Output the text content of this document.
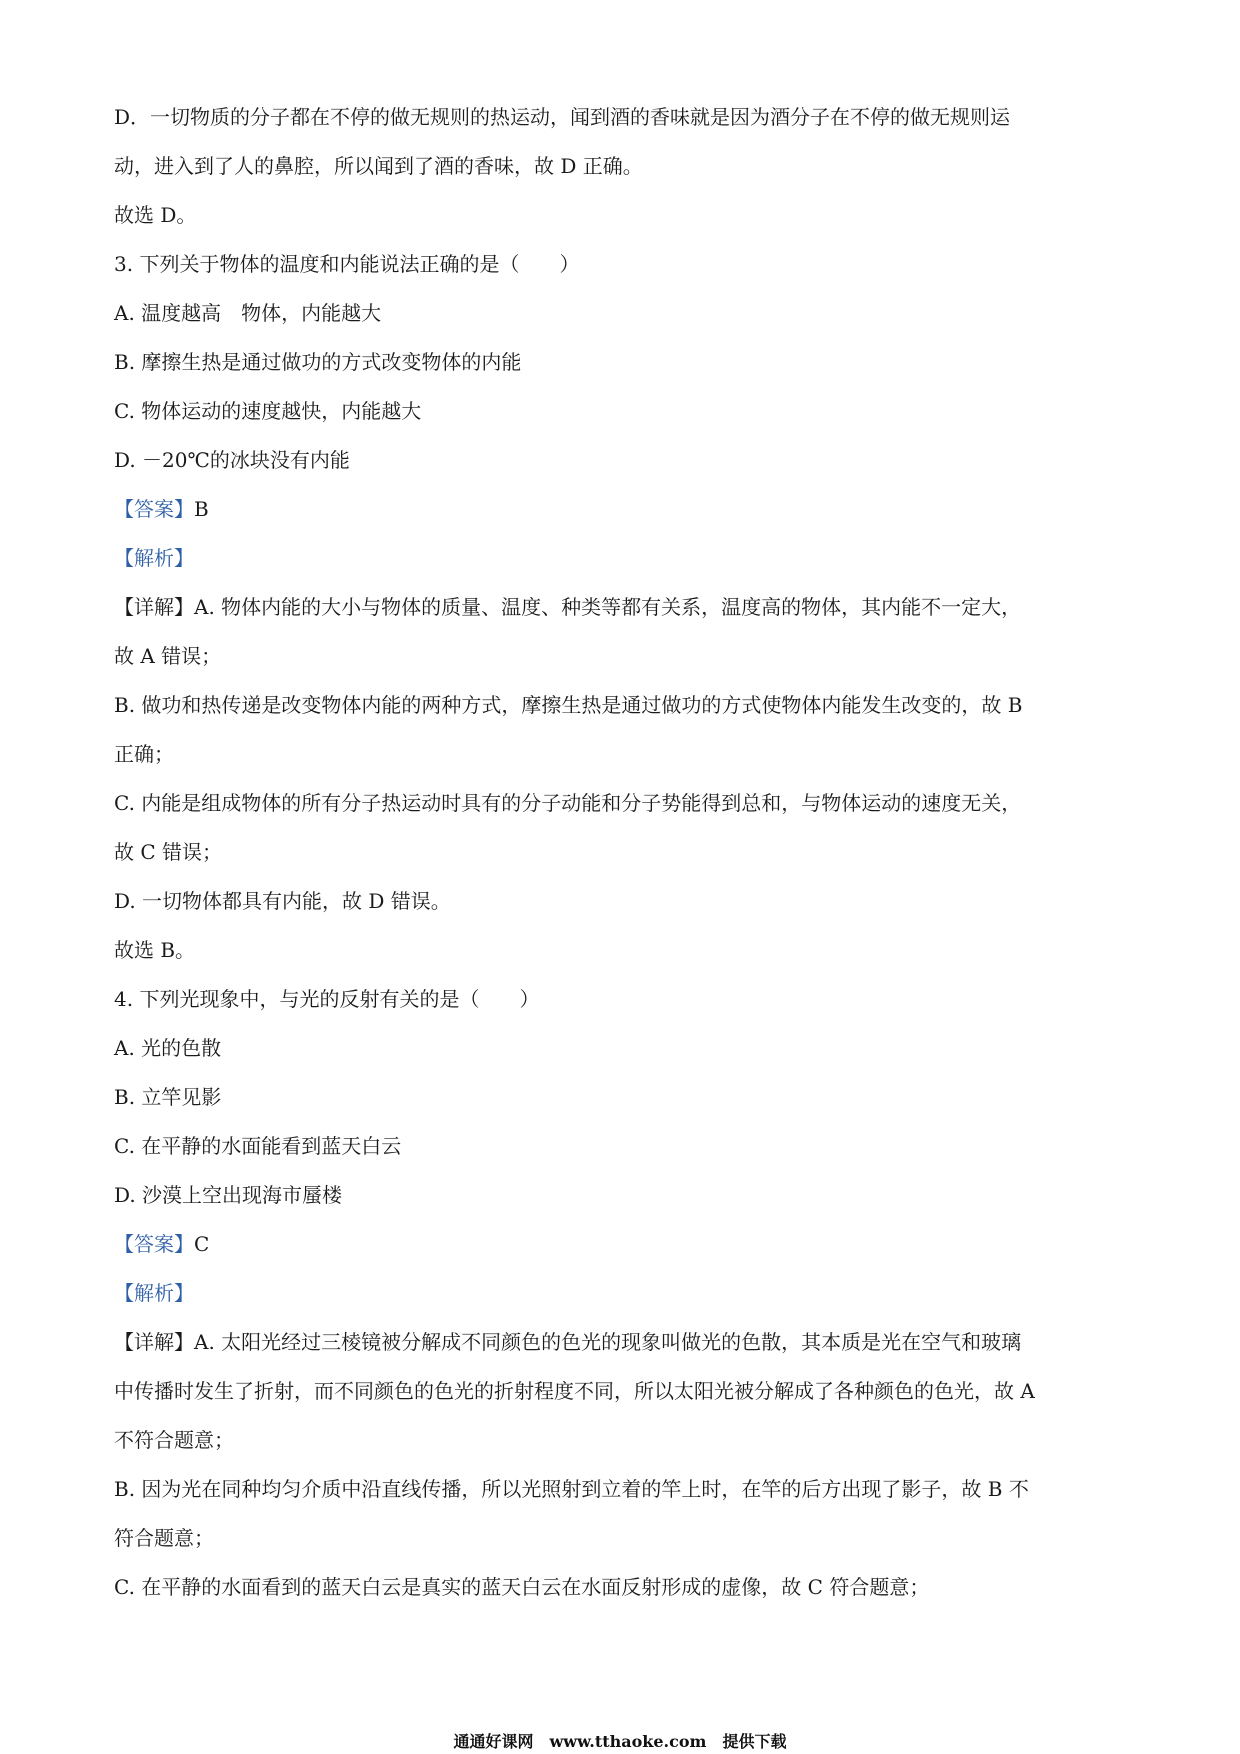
D．一切物质的分子都在不停的做无规则的热运动，闻到酒的香味就是因为酒分子在不停的做无规则运
动，进入到了人的鼻腔，所以闻到了酒的香味，故 D 正确。
故选 D。
3. 下列关于物体的温度和内能说法正确的是（　　）
A. 温度越高　物体，内能越大
B. 摩擦生热是通过做功的方式改变物体的内能
C. 物体运动的速度越快，内能越大
D. －20℃的冰块没有内能
【答案】B
【解析】
【详解】A. 物体内能的大小与物体的质量、温度、种类等都有关系，温度高的物体，其内能不一定大，
故 A 错误；
B. 做功和热传递是改变物体内能的两种方式，摩擦生热是通过做功的方式使物体内能发生改变的，故 B
正确；
C. 内能是组成物体的所有分子热运动时具有的分子动能和分子势能得到总和，与物体运动的速度无关，
故 C 错误；
D. 一切物体都具有内能，故 D 错误。
故选 B。
4. 下列光现象中，与光的反射有关的是（　　）
A. 光的色散
B. 立竿见影
C. 在平静的水面能看到蓝天白云
D. 沙漠上空出现海市蜃楼
【答案】C
【解析】
【详解】A. 太阳光经过三棱镜被分解成不同颜色的色光的现象叫做光的色散，其本质是光在空气和玻璃
中传播时发生了折射，而不同颜色的色光的折射程度不同，所以太阳光被分解成了各种颜色的色光，故 A
不符合题意；
B. 因为光在同种均匀介质中沿直线传播，所以光照射到立着的竿上时，在竿的后方出现了影子，故 B 不
符合题意；
C. 在平静的水面看到的蓝天白云是真实的蓝天白云在水面反射形成的虚像，故 C 符合题意；
通通好课网　www.tthaoke.com　提供下载
